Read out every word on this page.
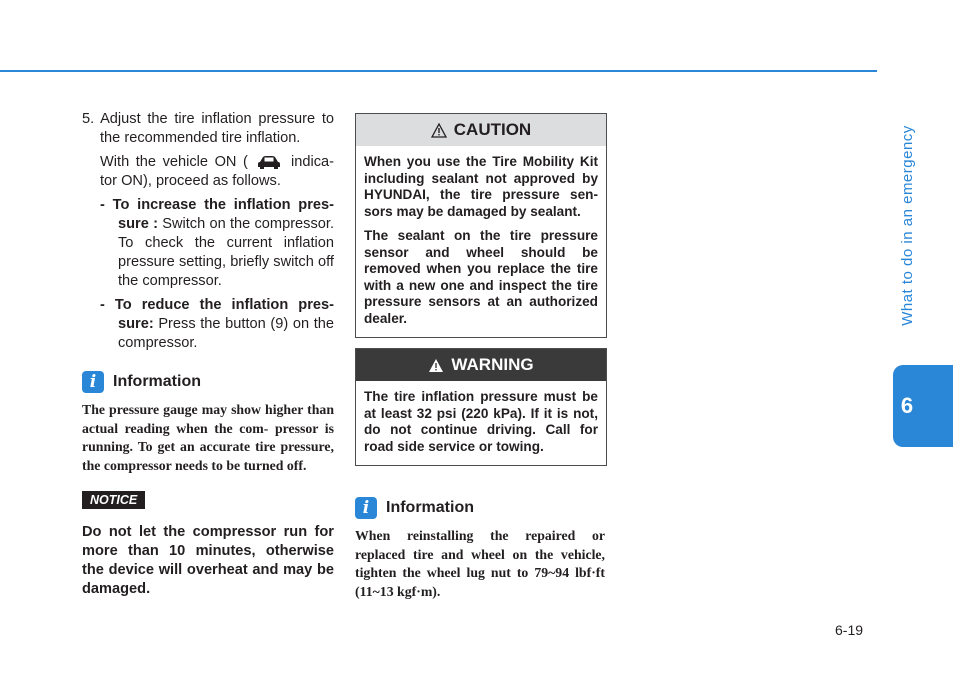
What to do in an emergency
6
6-19
5. Adjust the tire inflation pressure to the recommended tire inflation.
With the vehicle ON (	indica- tor ON), proceed as follows.
- To increase the inflation pres- sure : Switch on the compressor. To check the current inflation pressure setting, briefly switch off the compressor.
- To reduce the inflation pres- sure: Press the button (9) on the compressor.
i	Information
The pressure gauge may show higher than actual reading when the com- pressor is running. To get an accurate tire pressure, the compressor needs to be turned off.
NOTICE
Do not let the compressor run for more than 10 minutes, otherwise the device will overheat and may be damaged.
CAUTION

When you use the Tire Mobility Kit including sealant not approved by HYUNDAI, the tire pressure sen- sors may be damaged by sealant.

The sealant on the tire pressure sensor and wheel should be removed when you replace the tire with a new one and inspect the tire pressure sensors at an authorized dealer.

WARNING

The tire inflation pressure must be at least 32 psi (220 kPa). If it is not, do not continue driving. Call for road side service or towing.

i	Information
When reinstalling the repaired or replaced tire and wheel on the vehicle, tighten the wheel lug nut to 79~94 lbf·ft (11~13 kgf·m).
